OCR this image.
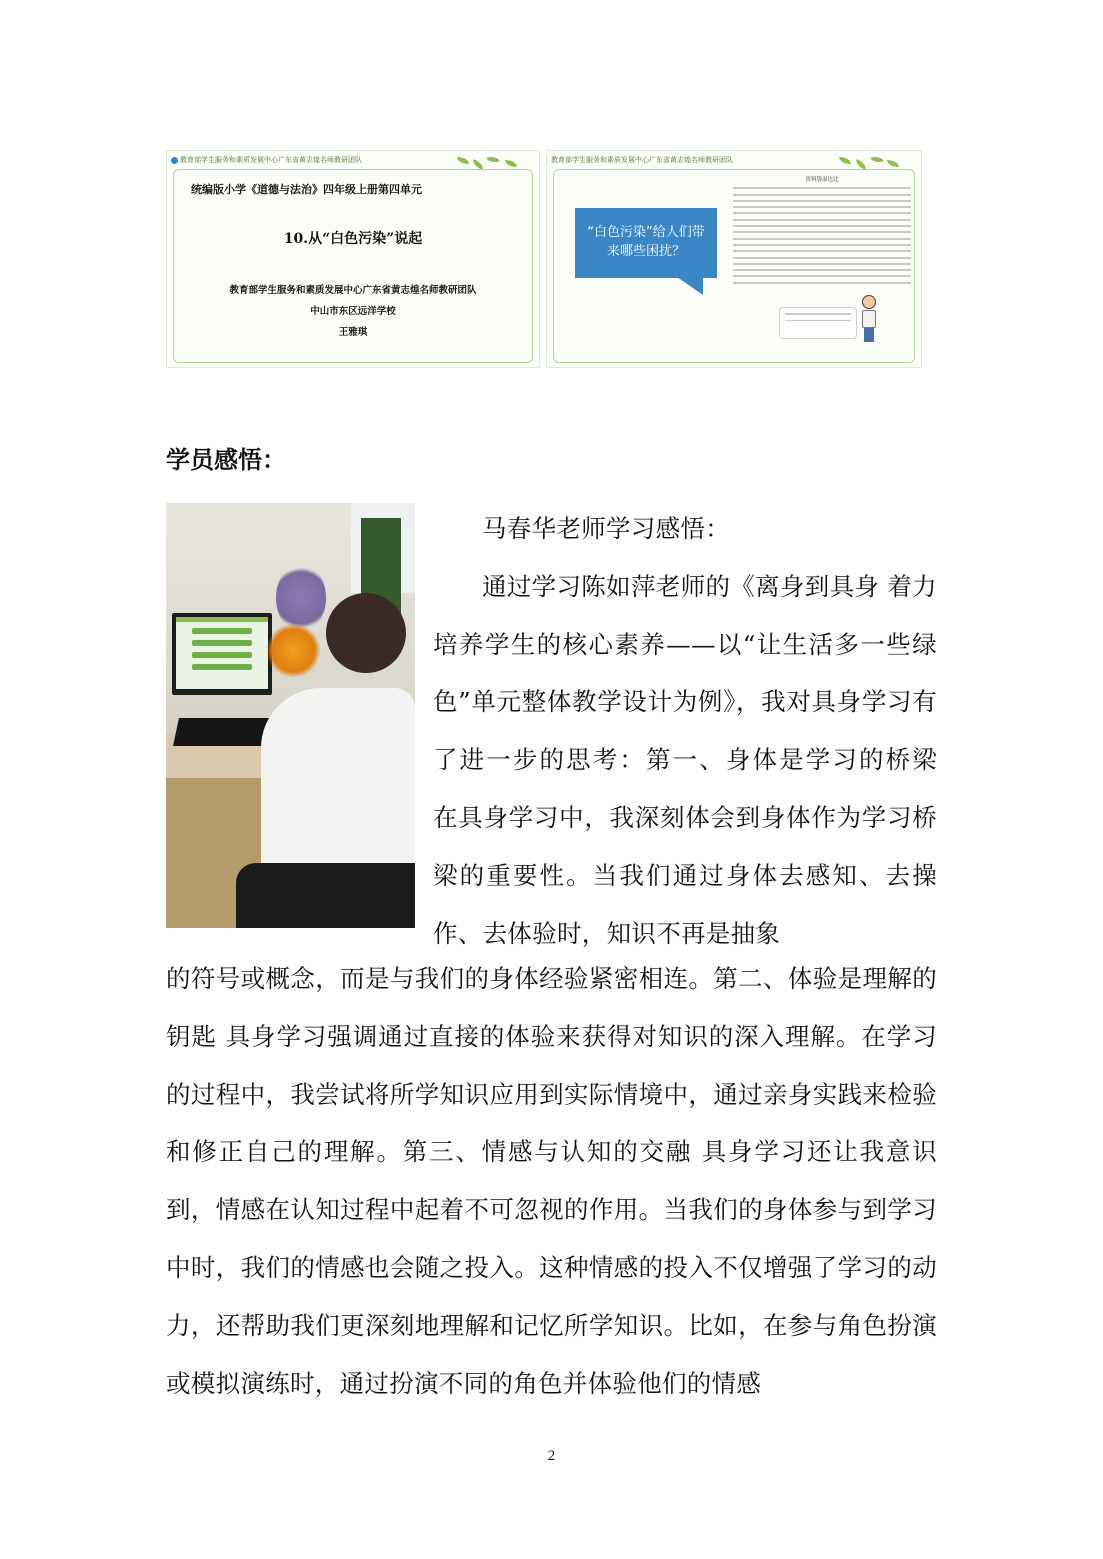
教育部学生服务和素质发展中心广东省黄志煌名师教研团队
统编版小学《道德与法治》四年级上册第四单元
10.从“白色污染”说起
教育部学生服务和素质发展中心广东省黄志煌名师教研团队
中山市东区远洋学校
王雅琪
教育部学生服务和素质发展中心广东省黄志煌名师教研团队
“白色污染”给人们带
来哪些困扰？
资料袋湿达比
学员感悟：

马春华老师学习感悟：

通过学习陈如萍老师的《离身到具身 着力培养学生的核心素养——以“让生活多一些绿色”单元整体教学设计为例》，我对具身学习有了进一步的思考：第一、身体是学习的桥梁 在具身学习中，我深刻体会到身体作为学习桥梁的重要性。当我们通过身体去感知、去操作、去体验时，知识不再是抽象

的符号或概念，而是与我们的身体经验紧密相连。第二、体验是理解的钥匙 具身学习强调通过直接的体验来获得对知识的深入理解。在学习的过程中，我尝试将所学知识应用到实际情境中，通过亲身实践来检验和修正自己的理解。第三、情感与认知的交融 具身学习还让我意识到，情感在认知过程中起着不可忽视的作用。当我们的身体参与到学习中时，我们的情感也会随之投入。这种情感的投入不仅增强了学习的动力，还帮助我们更深刻地理解和记忆所学知识。比如，在参与角色扮演或模拟演练时，通过扮演不同的角色并体验他们的情感
2
